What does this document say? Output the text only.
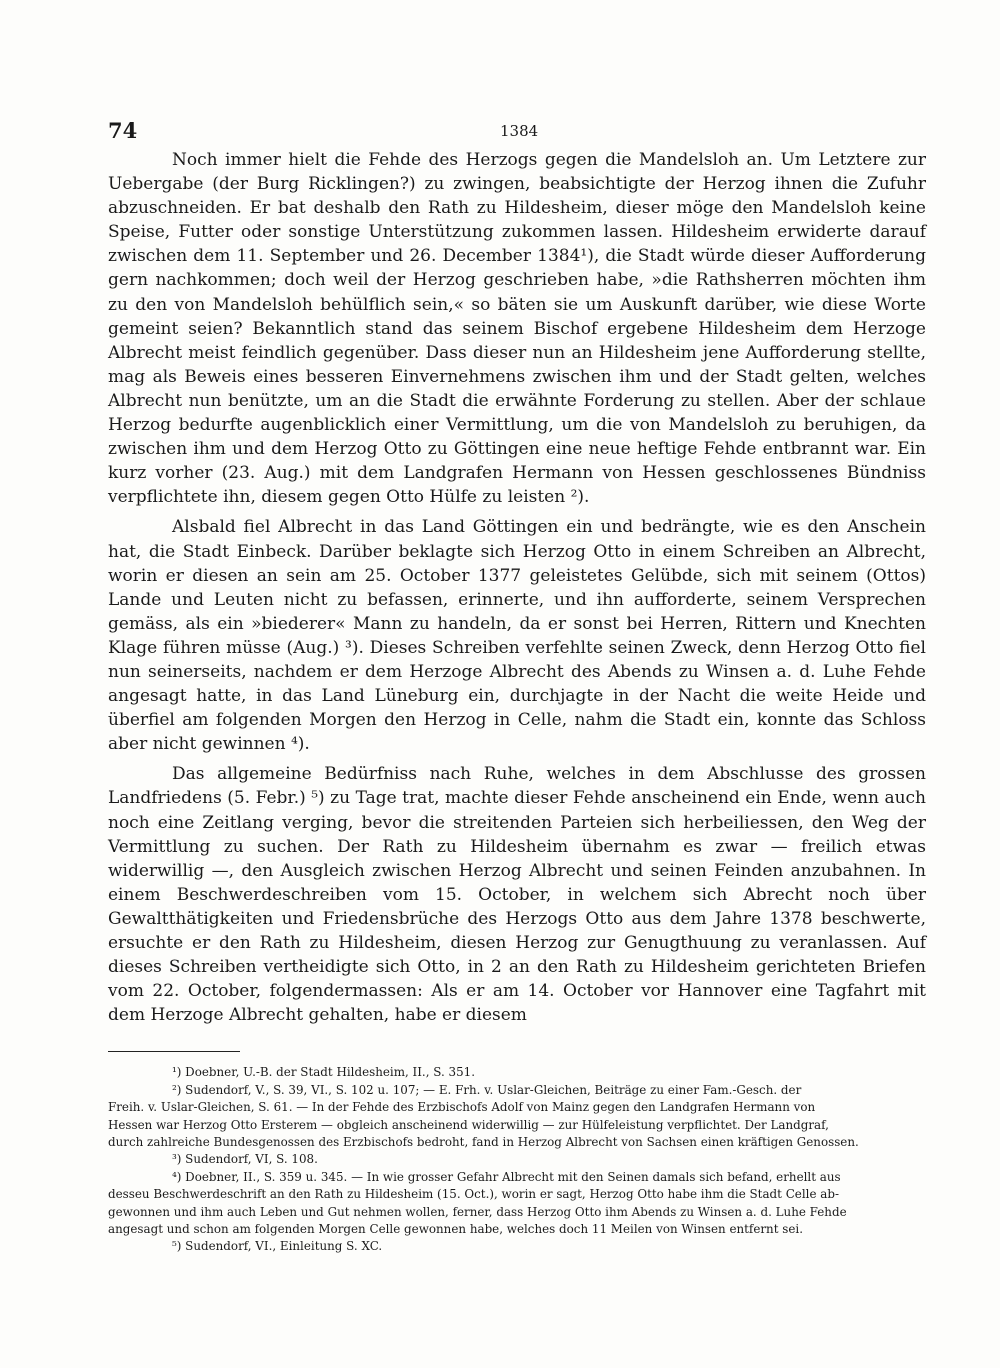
74	1384

Noch immer hielt die Fehde des Herzogs gegen die Mandelsloh an. Um Letztere zur Uebergabe (der Burg Ricklingen?) zu zwingen, beabsichtigte der Herzog ihnen die Zufuhr abzuschneiden. Er bat deshalb den Rath zu Hildesheim, dieser möge den Mandelsloh keine Speise, Futter oder sonstige Unterstützung zukommen lassen. Hildesheim erwiderte darauf zwischen dem 11. September und 26. December 1384¹), die Stadt würde dieser Aufforderung gern nachkommen; doch weil der Herzog geschrieben habe, »die Rathsherren möchten ihm zu den von Mandelsloh behülflich sein,« so bäten sie um Auskunft darüber, wie diese Worte gemeint seien? Bekanntlich stand das seinem Bischof ergebene Hildesheim dem Herzoge Albrecht meist feindlich gegenüber. Dass dieser nun an Hildesheim jene Aufforderung stellte, mag als Beweis eines besseren Einvernehmens zwischen ihm und der Stadt gelten, welches Albrecht nun benützte, um an die Stadt die erwähnte Forderung zu stellen. Aber der schlaue Herzog bedurfte augenblicklich einer Vermittlung, um die von Mandelsloh zu beruhigen, da zwischen ihm und dem Herzog Otto zu Göttingen eine neue heftige Fehde entbrannt war. Ein kurz vorher (23. Aug.) mit dem Landgrafen Hermann von Hessen geschlossenes Bündniss verpflichtete ihn, diesem gegen Otto Hülfe zu leisten ²).

Alsbald fiel Albrecht in das Land Göttingen ein und bedrängte, wie es den Anschein hat, die Stadt Einbeck. Darüber beklagte sich Herzog Otto in einem Schreiben an Albrecht, worin er diesen an sein am 25. October 1377 geleistetes Gelübde, sich mit seinem (Ottos) Lande und Leuten nicht zu befassen, erinnerte, und ihn aufforderte, seinem Versprechen gemäss, als ein »biederer« Mann zu handeln, da er sonst bei Herren, Rittern und Knechten Klage führen müsse (Aug.) ³). Dieses Schreiben verfehlte seinen Zweck, denn Herzog Otto fiel nun seinerseits, nachdem er dem Herzoge Albrecht des Abends zu Winsen a. d. Luhe Fehde angesagt hatte, in das Land Lüneburg ein, durchjagte in der Nacht die weite Heide und überfiel am folgenden Morgen den Herzog in Celle, nahm die Stadt ein, konnte das Schloss aber nicht gewinnen ⁴).

Das allgemeine Bedürfniss nach Ruhe, welches in dem Abschlusse des grossen Landfriedens (5. Febr.) ⁵) zu Tage trat, machte dieser Fehde anscheinend ein Ende, wenn auch noch eine Zeitlang verging, bevor die streitenden Parteien sich herbeiliessen, den Weg der Vermittlung zu suchen. Der Rath zu Hildesheim übernahm es zwar — freilich etwas widerwillig —, den Ausgleich zwischen Herzog Albrecht und seinen Feinden anzubahnen. In einem Beschwerdeschreiben vom 15. October, in welchem sich Abrecht noch über Gewaltthätigkeiten und Friedensbrüche des Herzogs Otto aus dem Jahre 1378 beschwerte, ersuchte er den Rath zu Hildesheim, diesen Herzog zur Genugthuung zu veranlassen. Auf dieses Schreiben vertheidigte sich Otto, in 2 an den Rath zu Hildesheim gerichteten Briefen vom 22. October, folgendermassen: Als er am 14. October vor Hannover eine Tagfahrt mit dem Herzoge Albrecht gehalten, habe er diesem

¹) Doebner, U.-B. der Stadt Hildesheim, II., S. 351.

²) Sudendorf, V., S. 39, VI., S. 102 u. 107; — E. Frh. v. Uslar-Gleichen, Beiträge zu einer Fam.-Gesch. der
Freih. v. Uslar-Gleichen, S. 61. — In der Fehde des Erzbischofs Adolf von Mainz gegen den Landgrafen Hermann von
Hessen war Herzog Otto Ersterem — obgleich anscheinend widerwillig — zur Hülfeleistung verpflichtet. Der Landgraf,
durch zahlreiche Bundesgenossen des Erzbischofs bedroht, fand in Herzog Albrecht von Sachsen einen kräftigen Genossen.

³) Sudendorf, VI, S. 108.

⁴) Doebner, II., S. 359 u. 345. — In wie grosser Gefahr Albrecht mit den Seinen damals sich befand, erhellt aus
desseu Beschwerdeschrift an den Rath zu Hildesheim (15. Oct.), worin er sagt, Herzog Otto habe ihm die Stadt Celle ab-
gewonnen und ihm auch Leben und Gut nehmen wollen, ferner, dass Herzog Otto ihm Abends zu Winsen a. d. Luhe Fehde
angesagt und schon am folgenden Morgen Celle gewonnen habe, welches doch 11 Meilen von Winsen entfernt sei.

⁵) Sudendorf, VI., Einleitung S. XC.
